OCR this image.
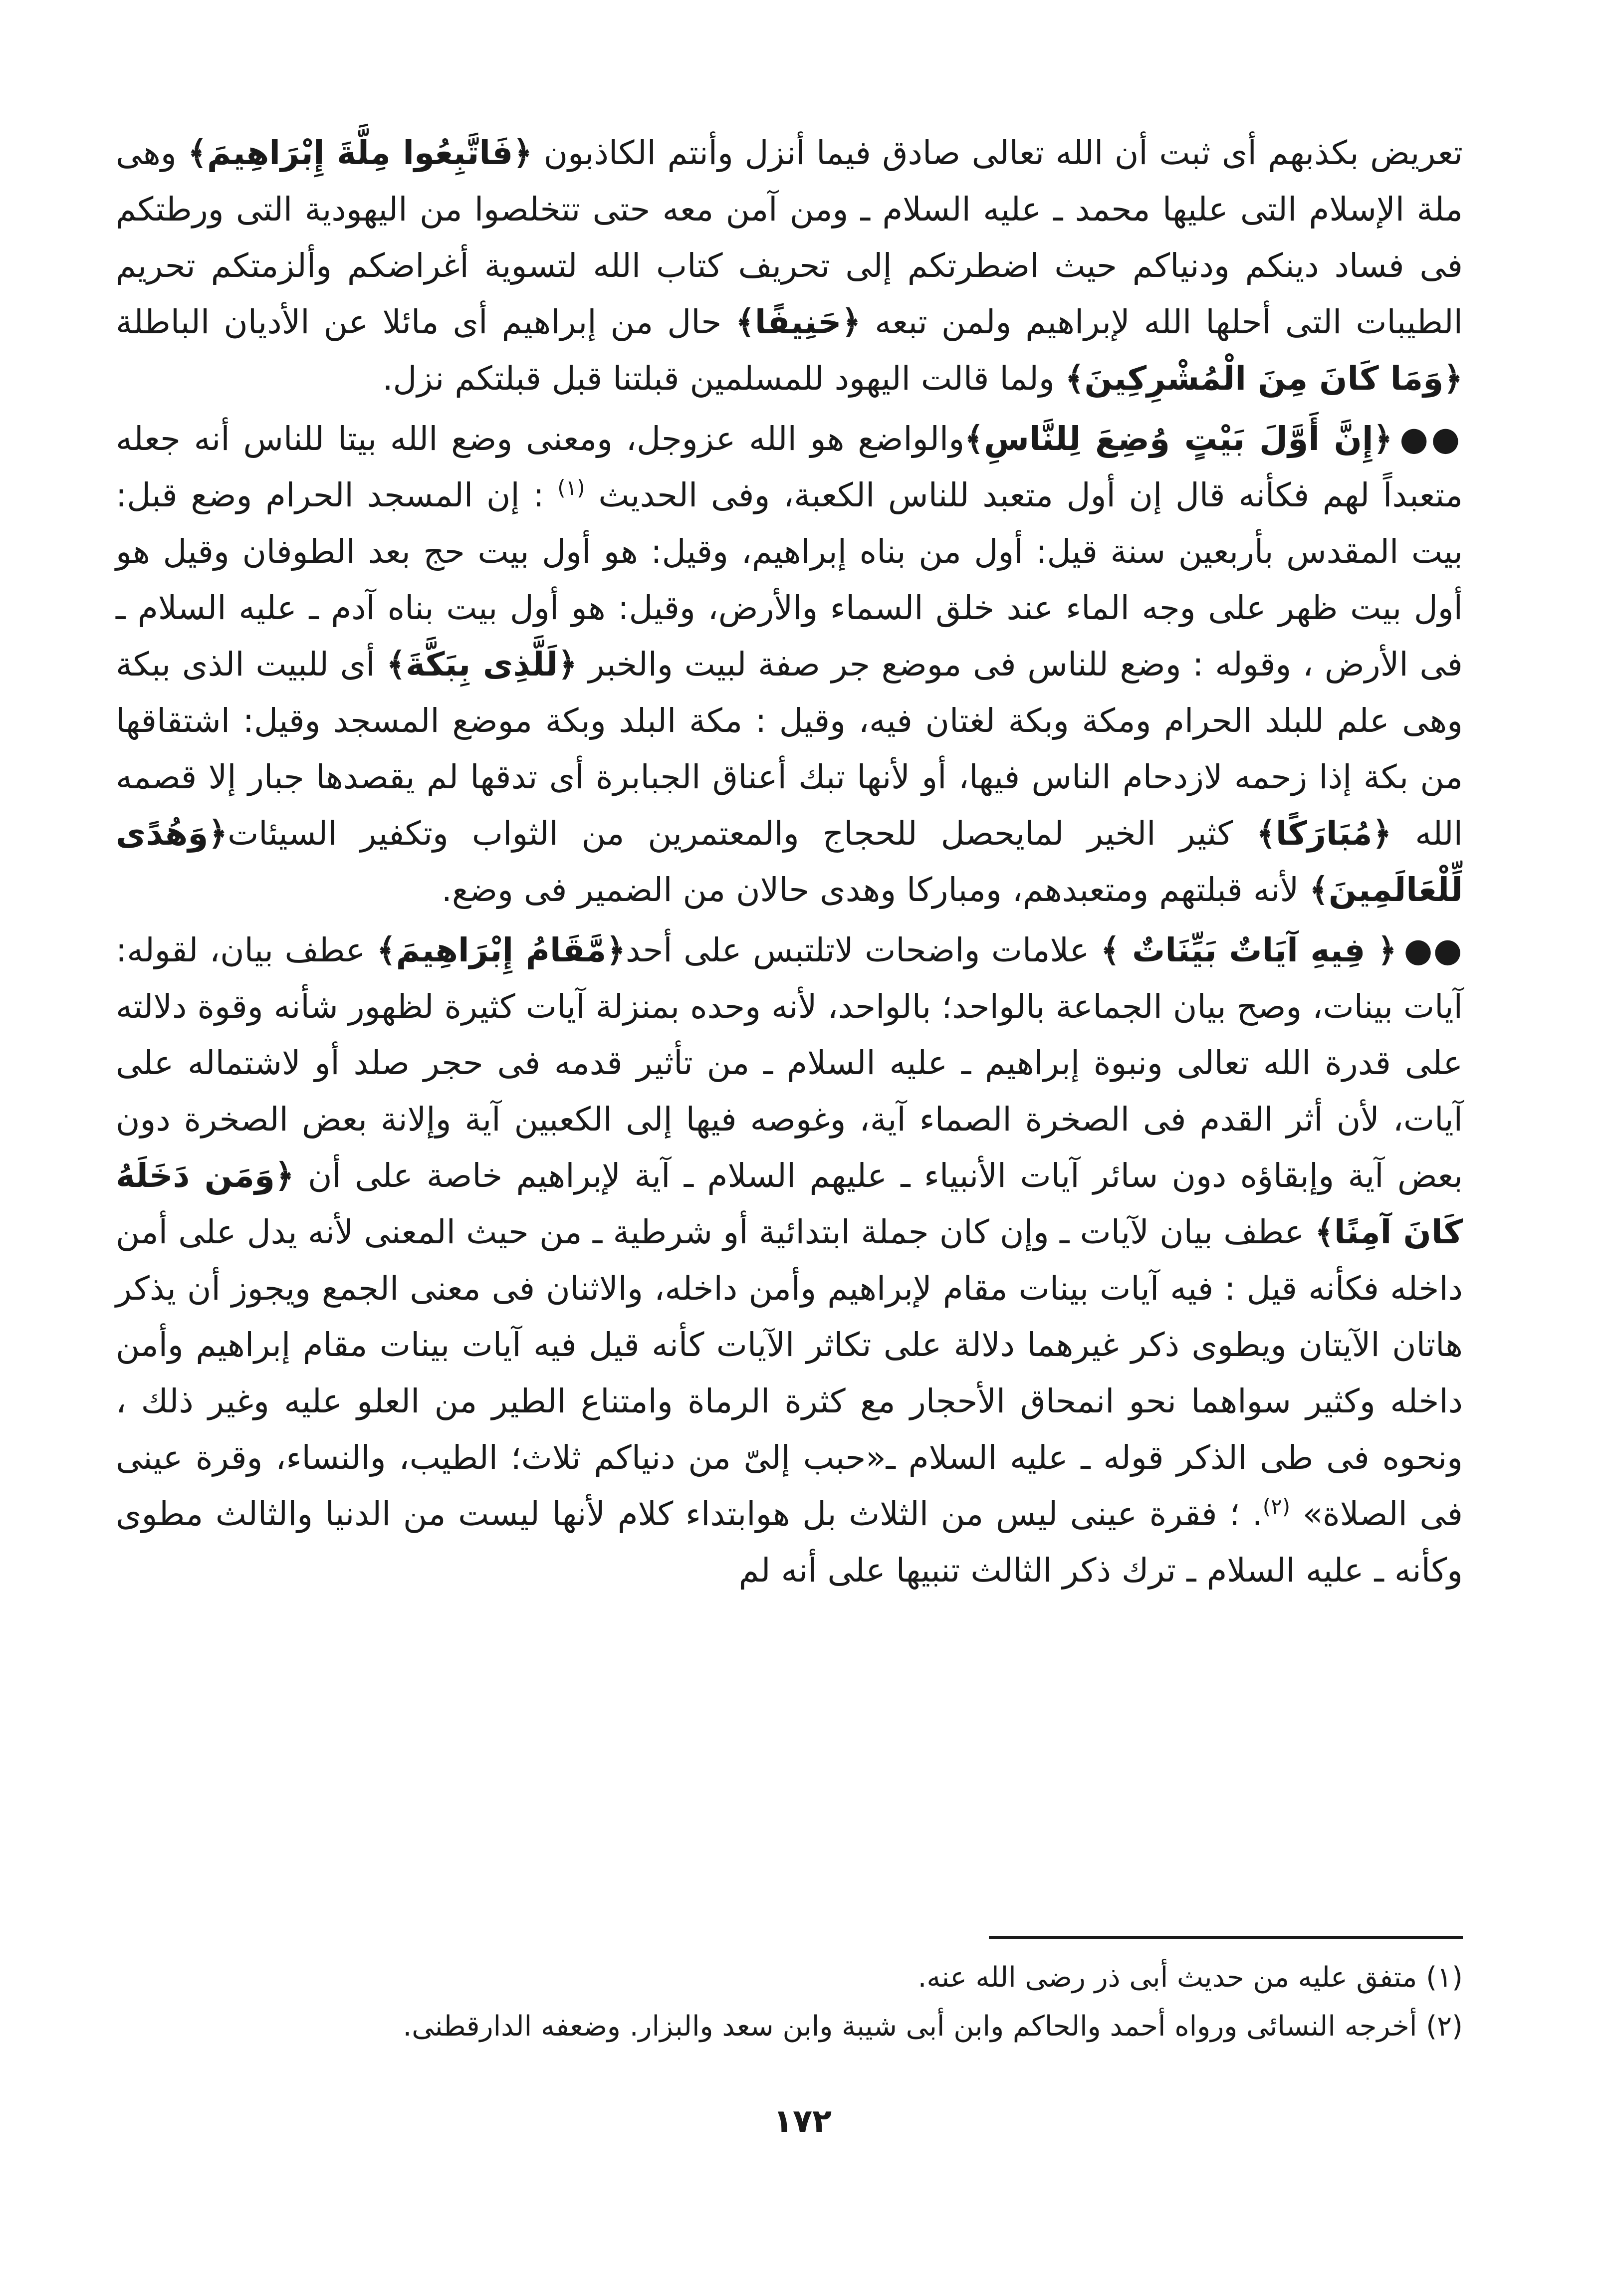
تعريض بكذبهم أى ثبت أن الله تعالى صادق فيما أنزل وأنتم الكاذبون ﴿فَاتَّبِعُوا مِلَّةَ إِبْرَاهِيمَ﴾ وهى ملة الإسلام التى عليها محمد ـ عليه السلام ـ ومن آمن معه حتى تتخلصوا من اليهودية التى ورطتكم فى فساد دينكم ودنياكم حيث اضطرتكم إلى تحريف كتاب الله لتسوية أغراضكم وألزمتكم تحريم الطيبات التى أحلها الله لإبراهيم ولمن تبعه ﴿حَنِيفًا﴾ حال من إبراهيم أى مائلا عن الأديان الباطلة ﴿وَمَا كَانَ مِنَ الْمُشْرِكِينَ﴾ ولما قالت اليهود للمسلمين قبلتنا قبل قبلتكم نزل.

●●﴿إِنَّ أَوَّلَ بَيْتٍ وُضِعَ لِلنَّاسِ﴾والواضع هو الله عزوجل، ومعنى وضع الله بيتا للناس أنه جعله متعبداً لهم فكأنه قال إن أول متعبد للناس الكعبة، وفى الحديث $^{(١)}$ : إن المسجد الحرام وضع قبل: بيت المقدس بأربعين سنة قيل: أول من بناه إبراهيم، وقيل: هو أول بيت حج بعد الطوفان وقيل هو أول بيت ظهر على وجه الماء عند خلق السماء والأرض، وقيل: هو أول بيت بناه آدم ـ عليه السلام ـ فى الأرض ، وقوله : وضع للناس فى موضع جر صفة لبيت والخبر ﴿لَلَّذِى بِبَكَّةَ﴾ أى للبيت الذى ببكة وهى علم للبلد الحرام ومكة وبكة لغتان فيه، وقيل : مكة البلد وبكة موضع المسجد وقيل: اشتقاقها من بكة إذا زحمه لازدحام الناس فيها، أو لأنها تبك أعناق الجبابرة أى تدقها لم يقصدها جبار إلا قصمه الله ﴿مُبَارَكًا﴾ كثير الخير لمايحصل للحجاج والمعتمرين من الثواب وتكفير السيئات﴿وَهُدًى لِّلْعَالَمِينَ﴾ لأنه قبلتهم ومتعبدهم، ومباركا وهدى حالان من الضمير فى وضع.

●●﴿ فِيهِ آيَاتٌ بَيِّنَاتٌ ﴾ علامات واضحات لاتلتبس على أحد﴿مَّقَامُ إِبْرَاهِيمَ﴾ عطف بيان، لقوله: آيات بينات، وصح بيان الجماعة بالواحد؛ بالواحد، لأنه وحده بمنزلة آيات كثيرة لظهور شأنه وقوة دلالته على قدرة الله تعالى ونبوة إبراهيم ـ عليه السلام ـ من تأثير قدمه فى حجر صلد أو لاشتماله على آيات، لأن أثر القدم فى الصخرة الصماء آية، وغوصه فيها إلى الكعبين آية وإلانة بعض الصخرة دون بعض آية وإبقاؤه دون سائر آيات الأنبياء ـ عليهم السلام ـ آية لإبراهيم خاصة على أن ﴿وَمَن دَخَلَهُ كَانَ آمِنًا﴾ عطف بيان لآيات ـ وإن كان جملة ابتدائية أو شرطية ـ من حيث المعنى لأنه يدل على أمن داخله فكأنه قيل : فيه آيات بينات مقام لإبراهيم وأمن داخله، والاثنان فى معنى الجمع ويجوز أن يذكر هاتان الآيتان ويطوى ذكر غيرهما دلالة على تكاثر الآيات كأنه قيل فيه آيات بينات مقام إبراهيم وأمن داخله وكثير سواهما نحو انمحاق الأحجار مع كثرة الرماة وامتناع الطير من العلو عليه وغير ذلك ، ونحوه فى طى الذكر قوله ـ عليه السلام ـ«حبب إلىّ من دنياكم ثلاث؛ الطيب، والنساء، وقرة عينى فى الصلاة» $^{(٢)}$. ؛ فقرة عينى ليس من الثلاث بل هوابتداء كلام لأنها ليست من الدنيا والثالث مطوى وكأنه ـ عليه السلام ـ ترك ذكر الثالث تنبيها على أنه لم

(١) متفق عليه من حديث أبى ذر رضى الله عنه.

(٢) أخرجه النسائى ورواه أحمد والحاكم وابن أبى شيبة وابن سعد والبزار. وضعفه الدارقطنى.

١٧٢
